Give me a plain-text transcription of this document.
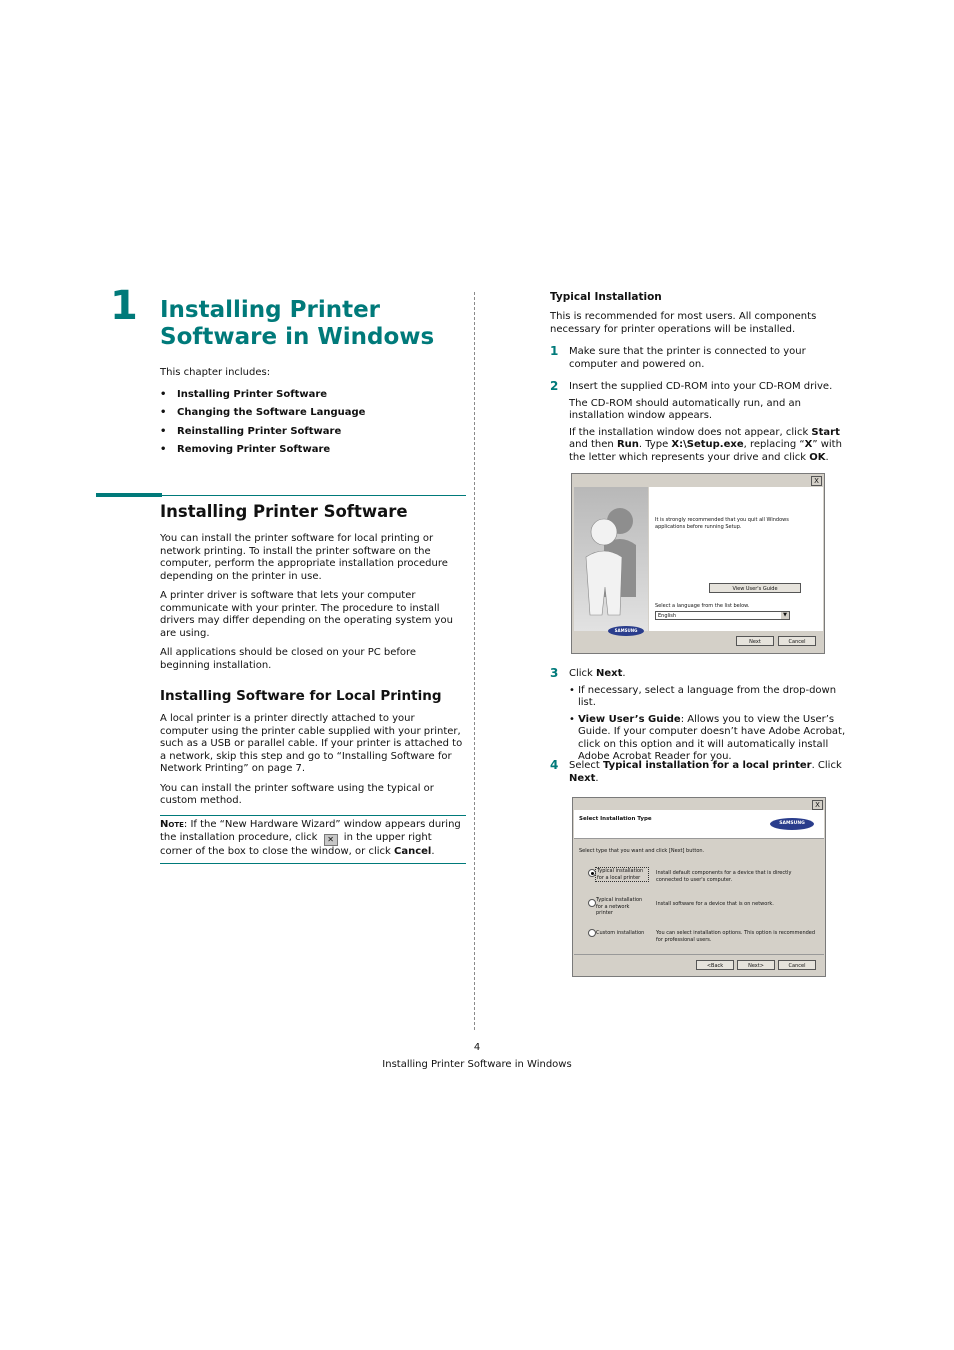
1 Installing Printer Software in Windows
This chapter includes:
• Installing Printer Software
• Changing the Software Language
• Reinstalling Printer Software
• Removing Printer Software
Installing Printer Software

You can install the printer software for local printing or network printing. To install the printer software on the computer, perform the appropriate installation procedure depending on the printer in use.

A printer driver is software that lets your computer communicate with your printer. The procedure to install drivers may differ depending on the operating system you are using.

All applications should be closed on your PC before beginning installation.

Installing Software for Local Printing

A local printer is a printer directly attached to your computer using the printer cable supplied with your printer, such as a USB or parallel cable. If your printer is attached to a network, skip this step and go to “Installing Software for Network Printing” on page 7.

You can install the printer software using the typical or custom method.

Note: If the “New Hardware Wizard” window appears during the installation procedure, click ✕ in the upper right corner of the box to close the window, or click Cancel.
Typical Installation
This is recommended for most users. All components necessary for printer operations will be installed.
1 Make sure that the printer is connected to your computer and powered on.

2 Insert the supplied CD-ROM into your CD-ROM drive.

The CD-ROM should automatically run, and an installation window appears.

If the installation window does not appear, click Start and then Run. Type X:\Setup.exe, replacing “X” with the letter which represents your drive and click OK.

X
SAMSUNG
It is strongly recommended that you quit all Windows applications before running Setup.
View User's Guide
Select a language from the list below.
English	▼
Next	Cancel
3 Click Next.

• If necessary, select a language from the drop-down list.

• View User’s Guide: Allows you to view the User’s Guide. If your computer doesn’t have Adobe Acrobat, click on this option and it will automatically install Adobe Acrobat Reader for you.

4 Select Typical installation for a local printer. Click Next.

X
Select Installation Type
SAMSUNG
Select type that you want and click [Next] button.
Typical installation for a local printer
Install default components for a device that is directly connected to user's computer.
Typical installation for a network printer
Install software for a device that is on network.
Custom installation	You can select installation options. This option is recommended for professional users.
<Back	Next>	Cancel
4
Installing Printer Software in Windows
